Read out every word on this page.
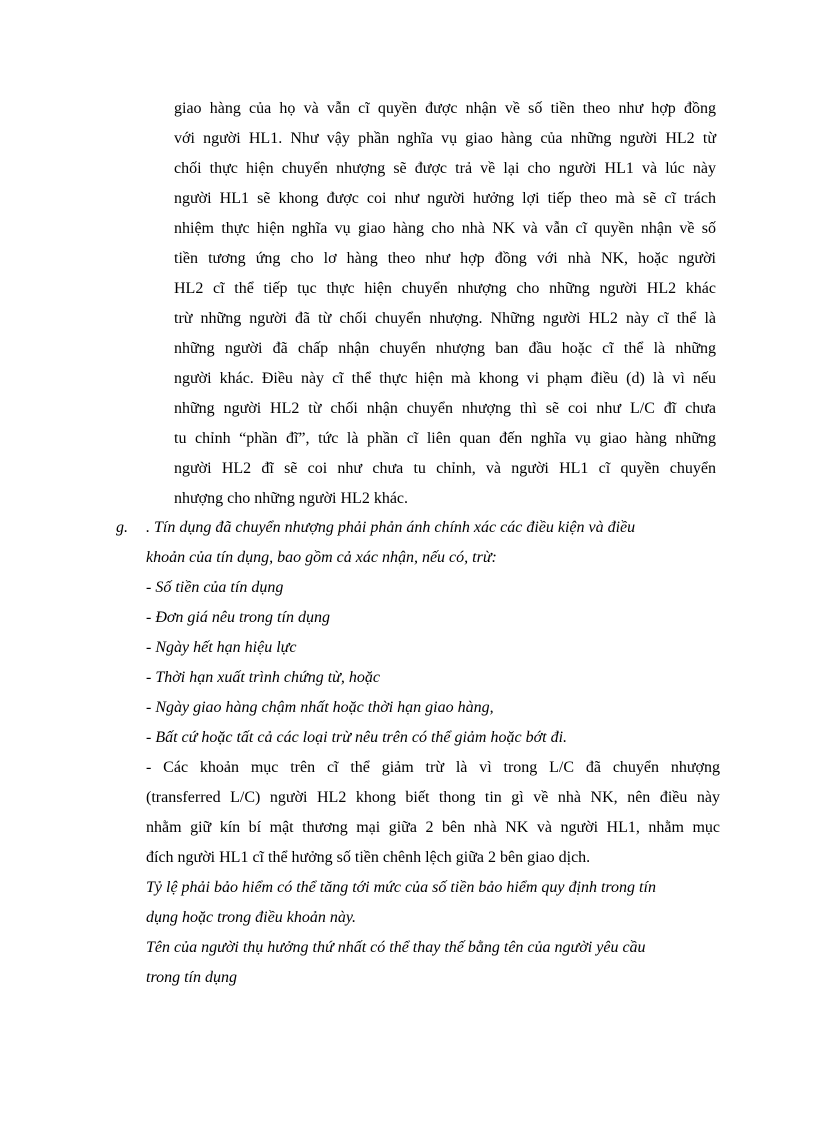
giao hàng của họ và vẫn cĩ quyền được nhận về số tiền theo như hợp đồng
với người HL1. Như vậy phần nghĩa vụ giao hàng của những người HL2 từ
chối thực hiện chuyển nhượng sẽ được trả về lại cho người HL1 và lúc này
người HL1 sẽ khong được coi như người hưởng lợi tiếp theo mà sẽ cĩ trách
nhiệm thực hiện nghĩa vụ giao hàng cho nhà NK và vẫn cĩ quyền nhận về số
tiền tương ứng cho lơ hàng theo như hợp đồng với nhà NK, hoặc người
HL2 cĩ thể tiếp tục thực hiện chuyển nhượng cho những người HL2 khác
trừ những người đã từ chối chuyển nhượng. Những người HL2 này cĩ thể là
những người đã chấp nhận chuyển nhượng ban đầu hoặc cĩ thể là những
người khác. Điều này cĩ thể thực hiện mà khong vi phạm điều (d) là vì nếu
những người HL2 từ chối nhận chuyển nhượng thì sẽ coi như L/C đĩ chưa
tu chỉnh “phần đĩ”, tức là phần cĩ liên quan đến nghĩa vụ giao hàng những
người HL2 đĩ sẽ coi như chưa tu chỉnh, và người HL1 cĩ quyền chuyển
nhượng cho những người HL2 khác.
g.	. Tín dụng đã chuyển nhượng phải phản ánh chính xác các điều kiện và điều
khoản của tín dụng, bao gồm cả xác nhận, nếu có, trừ:
- Số tiền của tín dụng
- Đơn giá nêu trong tín dụng
- Ngày hết hạn hiệu lực
- Thời hạn xuất trình chứng từ, hoặc
- Ngày giao hàng chậm nhất hoặc thời hạn giao hàng,
- Bất cứ hoặc tất cả các loại trừ nêu trên có thể giảm hoặc bớt đi.
- Các khoản mục trên cĩ thể giảm trừ là vì trong L/C đã chuyển nhượng
(transferred L/C) người HL2 khong biết thong tin gì về nhà NK, nên điều này
nhằm giữ kín bí mật thương mại giữa 2 bên nhà NK và người HL1, nhằm mục
đích người HL1 cĩ thể hưởng số tiền chênh lệch giữa 2 bên giao dịch.
Tỷ lệ phải bảo hiểm có thể tăng tới mức của số tiền bảo hiểm quy định trong tín
dụng hoặc trong điều khoản này.
Tên của người thụ hưởng thứ nhất có thể thay thế bằng tên của người yêu cầu
trong tín dụng
